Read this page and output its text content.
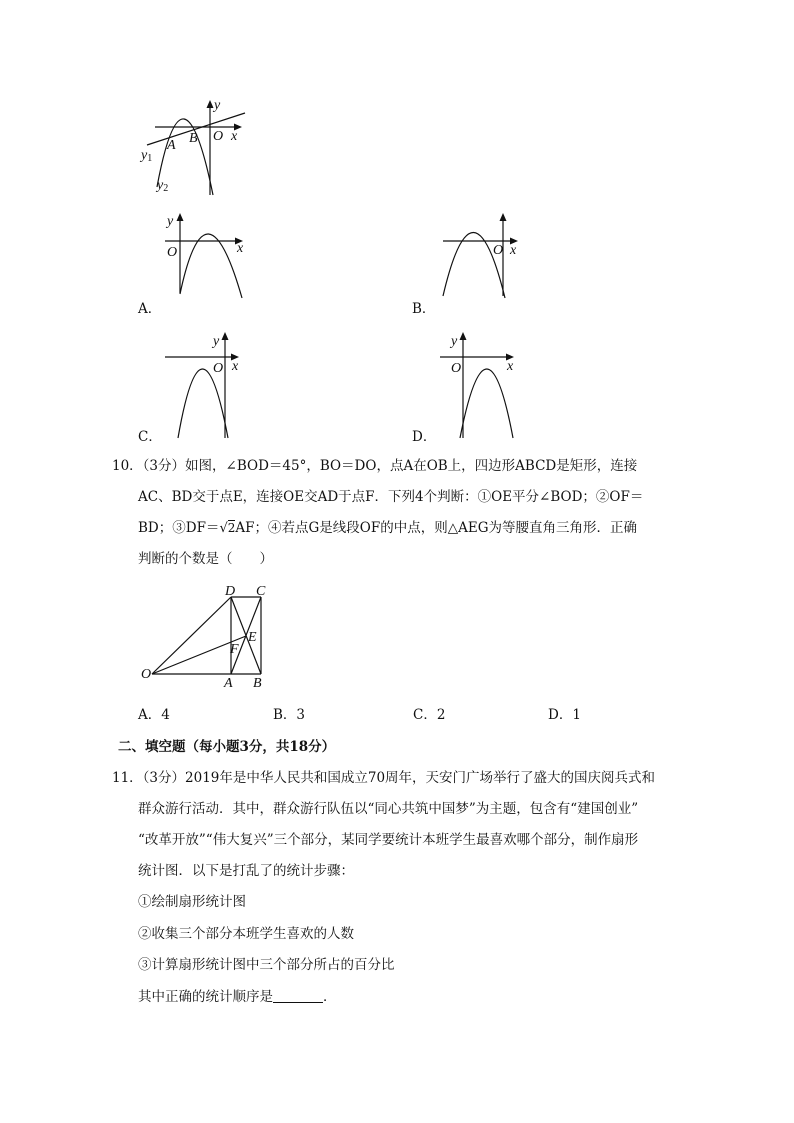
y
x
O
A B
y1
y2
y
x
O
A．
x
O
B．
y
x
O
C．
y
x
O
D．
10．（3分）如图，∠BOD＝45°，BO＝DO，点A在OB上，四边形ABCD是矩形，连接
AC、BD交于点E，连接OE交AD于点F．下列4个判断：①OE平分∠BOD；②OF＝
BD；③DF＝√2AF；④若点G是线段OF的中点，则△AEG为等腰直角三角形．正确
判断的个数是（　　）
D C
E
F
O
A B
A．4	B．3	C．2	D．1
二、填空题（每小题3分，共18分）
11．（3分）2019年是中华人民共和国成立70周年，天安门广场举行了盛大的国庆阅兵式和
群众游行活动．其中，群众游行队伍以“同心共筑中国梦”为主题，包含有“建国创业”
“改革开放”“伟大复兴”三个部分，某同学要统计本班学生最喜欢哪个部分，制作扇形
统计图．以下是打乱了的统计步骤：
①绘制扇形统计图
②收集三个部分本班学生喜欢的人数
③计算扇形统计图中三个部分所占的百分比
其中正确的统计顺序是	．
